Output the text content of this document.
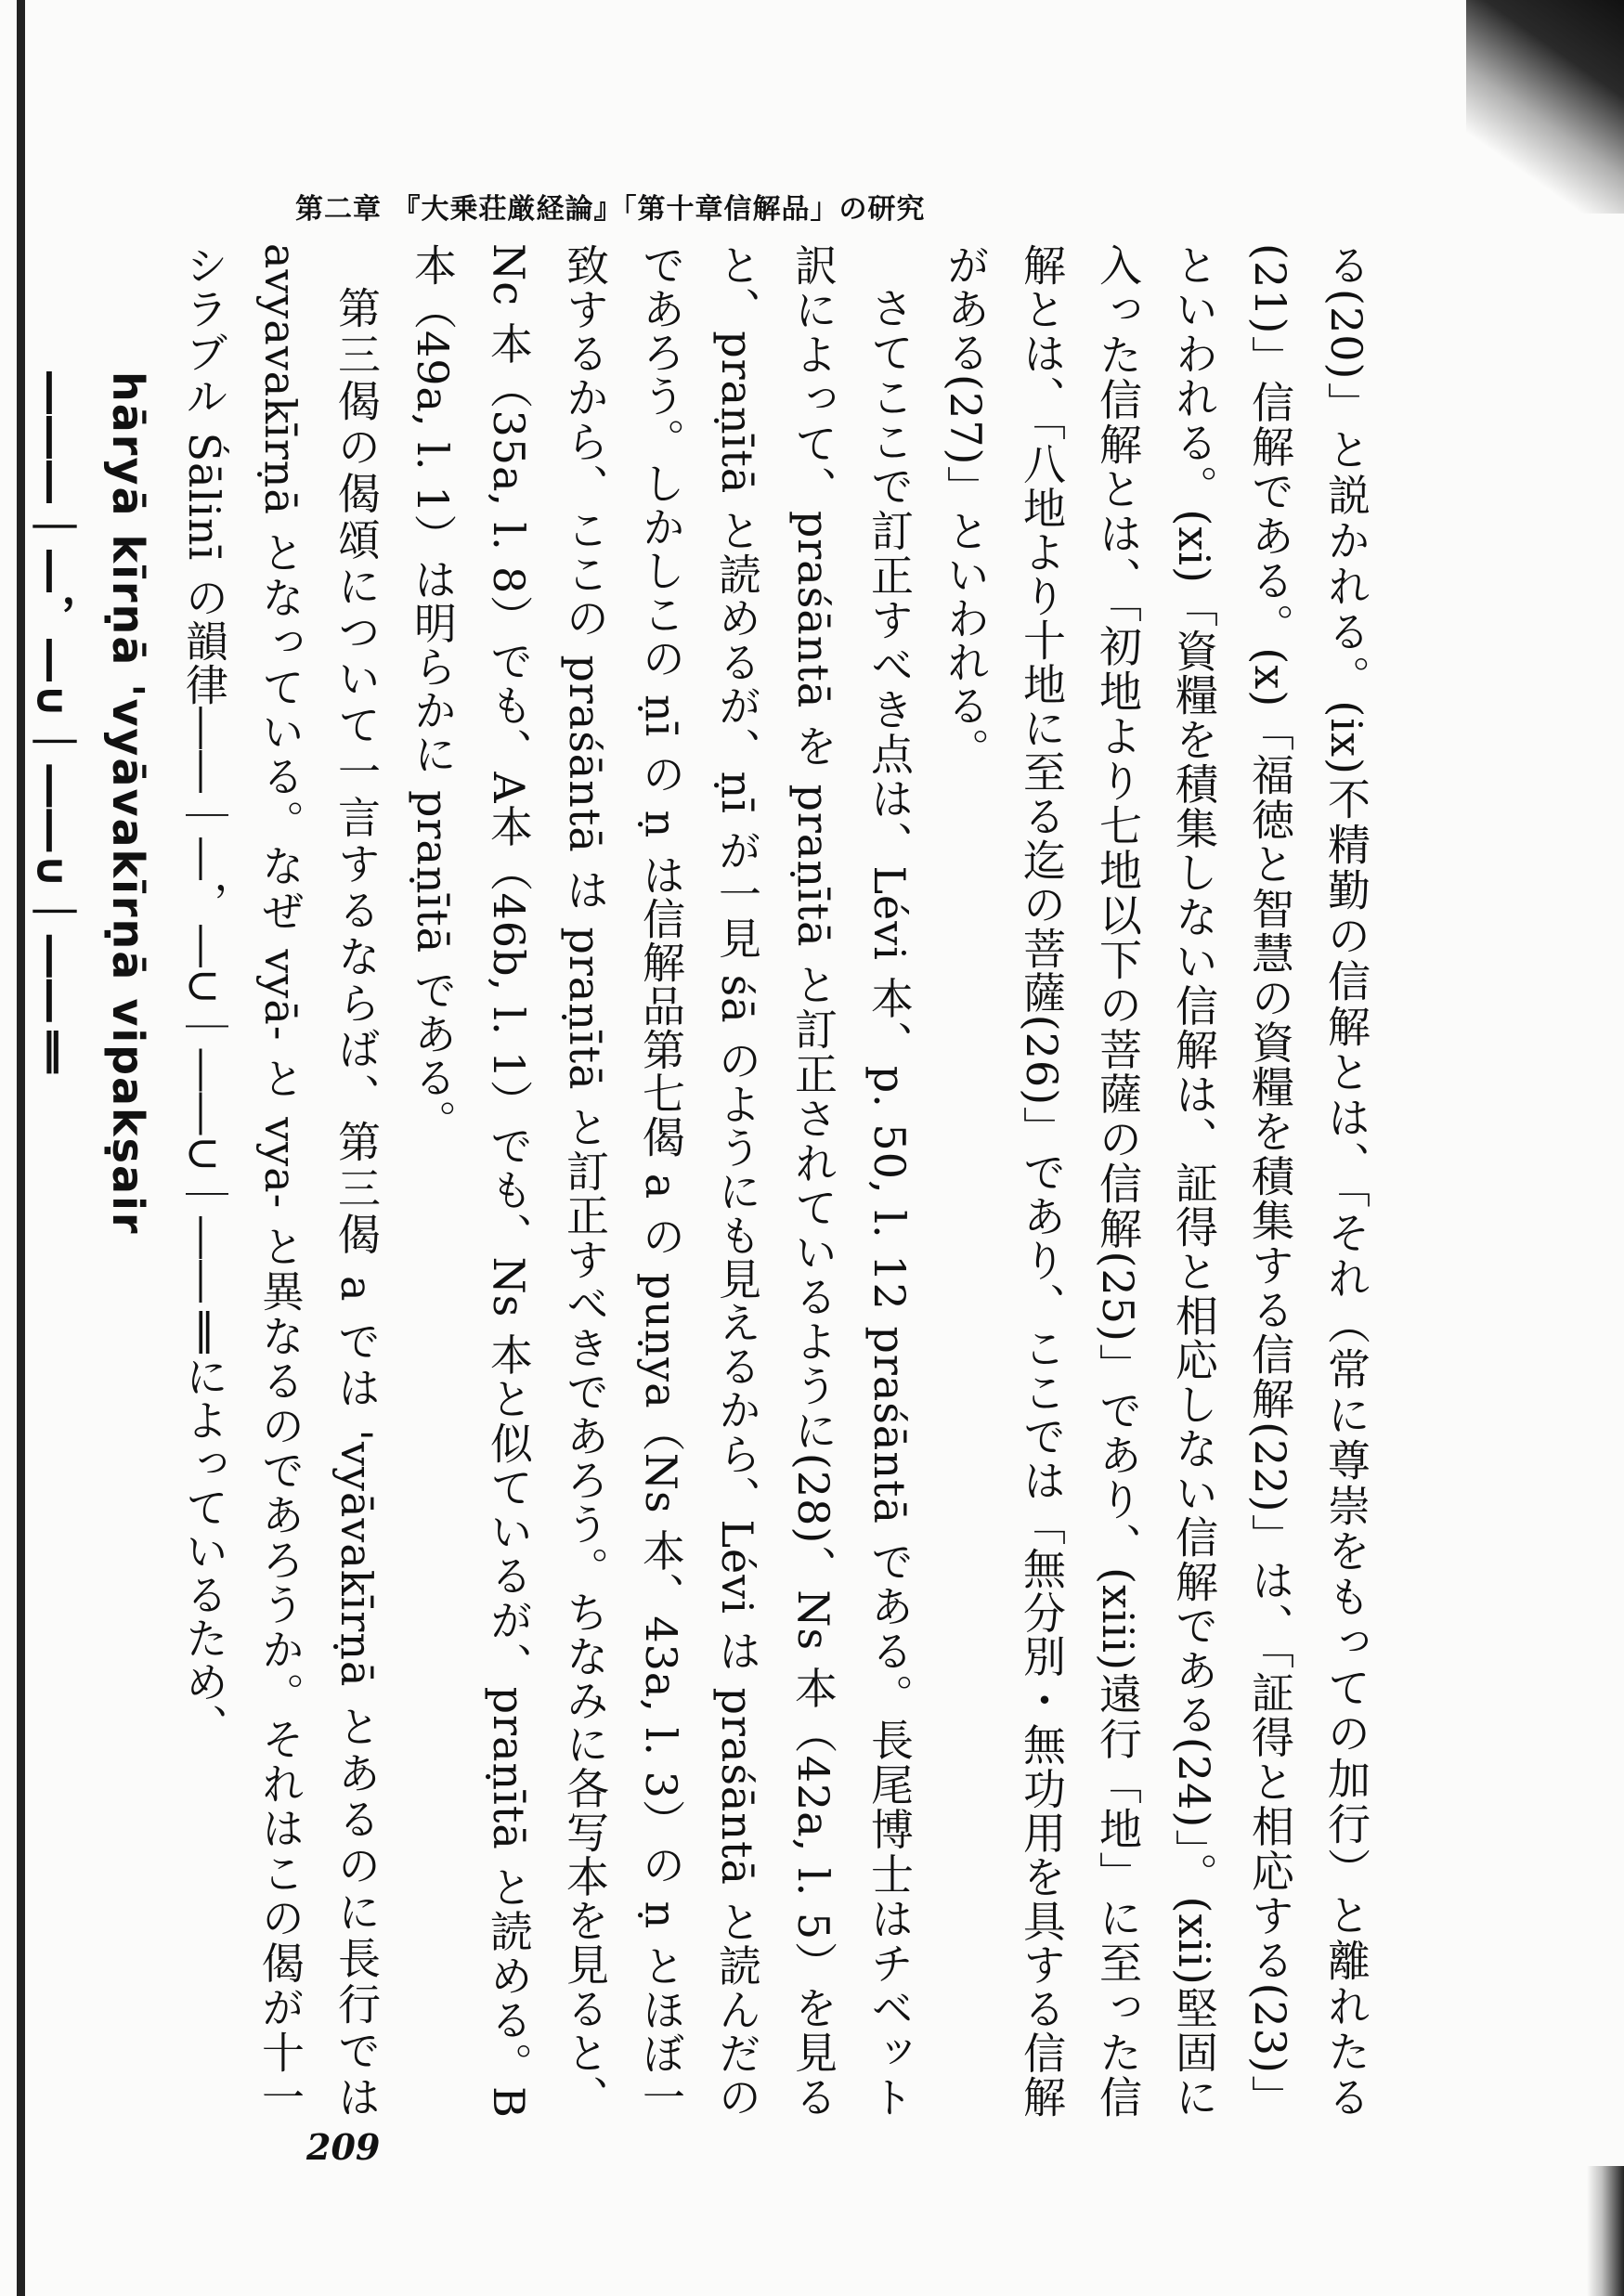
第二章 『大乗荘厳経論』「第十章信解品」の研究

る(20)」と説かれる。(ix)不精勤の信解とは、「それ（常に尊崇をもっての加行）と離れたる(21)」信解である。(x)「福徳と智慧の資糧を積集する信解(22)」は、「証得と相応する(23)」といわれる。(xi)「資糧を積集しない信解は、証得と相応しない信解である(24)」。(xii)堅固に入った信解とは、「初地より七地以下の菩薩の信解(25)」であり、(xiii)遠行「地」に至った信解とは、「八地より十地に至る迄の菩薩(26)」であり、ここでは「無分別・無功用を具する信解がある(27)」といわれる。

さてここで訂正すべき点は、Lévi 本、p. 50, l. 12 praśāntā である。長尾博士はチベット訳によって、praśāntā を praṇītā と訂正されているように(28)、Ns 本（42a, l. 5）を見ると、praṇītā と読めるが、ṇī が一見 śā のようにも見えるから、Lévi は praśāntā と読んだのであろう。しかしこの ṇī の ṇ は信解品第七偈 a の puṇya（Ns 本、43a, l. 3）の ṇ とほぼ一致するから、ここの praśāntā は praṇītā と訂正すべきであろう。ちなみに各写本を見ると、Nc 本（35a, l. 8）でも、A本（46b, l. 1）でも、Ns 本と似ているが、praṇītā と読める。B本（49a, l. 1）は明らかに praṇītā である。

第三偈の偈頌について一言するならば、第三偈 a では 'vyāvakīrṇā とあるのに長行では avyavakīrṇā となっている。なぜ vyā- と vya- と異なるのであろうか。それはこの偈が十一シラブル Śālinī の韻律――｜―，―∪｜――∪｜――‖によっているため、

hāryā kīrṇā 'vyāvakīrṇā vipakṣair

―――｜―，―∪｜――∪｜――‖

209
